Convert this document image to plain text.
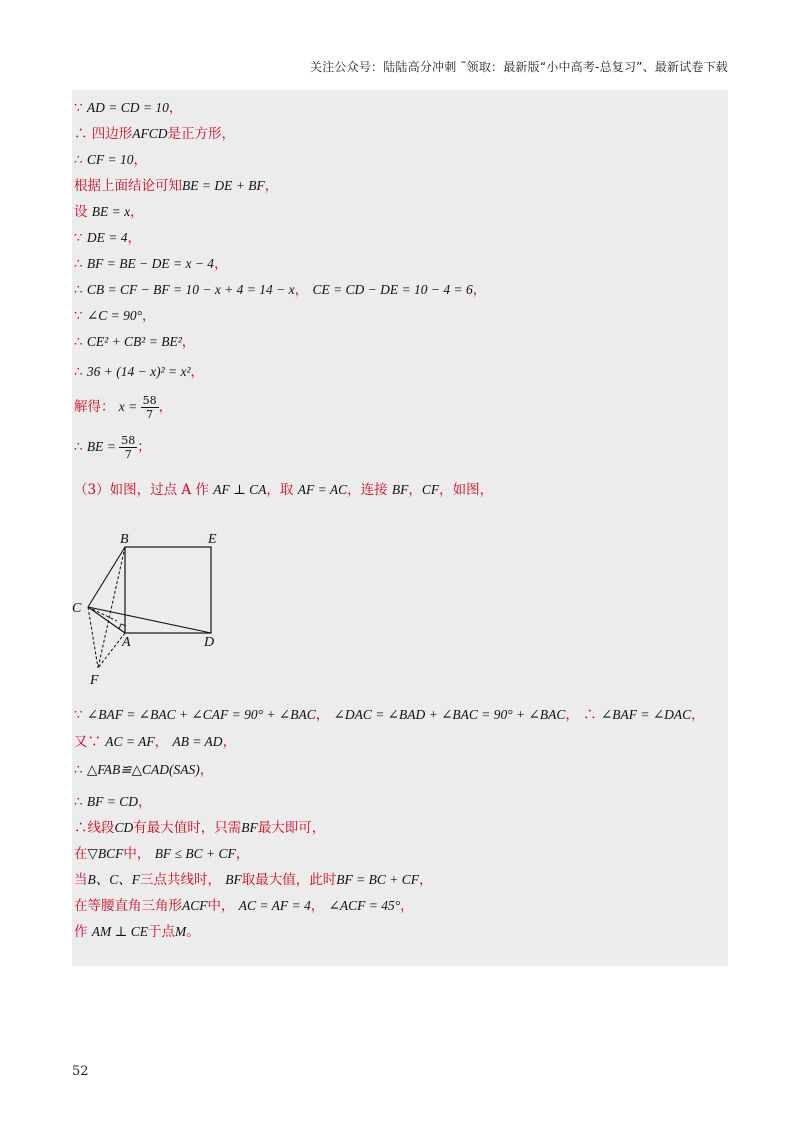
关注公众号：陆陆高分冲刺 ˜领取：最新版“小中高考-总复习”、最新试卷下载
∵ AD = CD = 10，
∴ 四边形AFCD是正方形，
∴ CF = 10，
根据上面结论可知BE = DE + BF，
设 BE = x，
∵ DE = 4，
∴ BF = BE − DE = x − 4，
∴ CB = CF − BF = 10 − x + 4 = 14 − x， CE = CD − DE = 10 − 4 = 6，
∵ ∠C = 90°，
∴ CE² + CB² = BE²，
∴ 36 + (14 − x)² = x²，
解得： $x = \frac{58}{7}$ ，
∴ BE = $\frac{58}{7}$ ；
（3）如图，过点 A 作 AF ⊥ CA，取 AF = AC，连接 BF，CF，如图，
B	E
C
A	D
F
∵ ∠BAF = ∠BAC + ∠CAF = 90° + ∠BAC， ∠DAC = ∠BAD + ∠BAC = 90° + ∠BAC， ∴ ∠BAF = ∠DAC，
又∵ AC = AF， AB = AD，
∴ △FAB≌△CAD(SAS)，
∴ BF = CD，
∴线段CD有最大值时，只需BF最大即可，
在▽BCF中， BF ≤ BC + CF，
当B、C、F三点共线时， BF取最大值，此时BF = BC + CF，
在等腰直角三角形ACF中， AC = AF = 4， ∠ACF = 45°，
作 AM ⊥ CE于点M。
52
